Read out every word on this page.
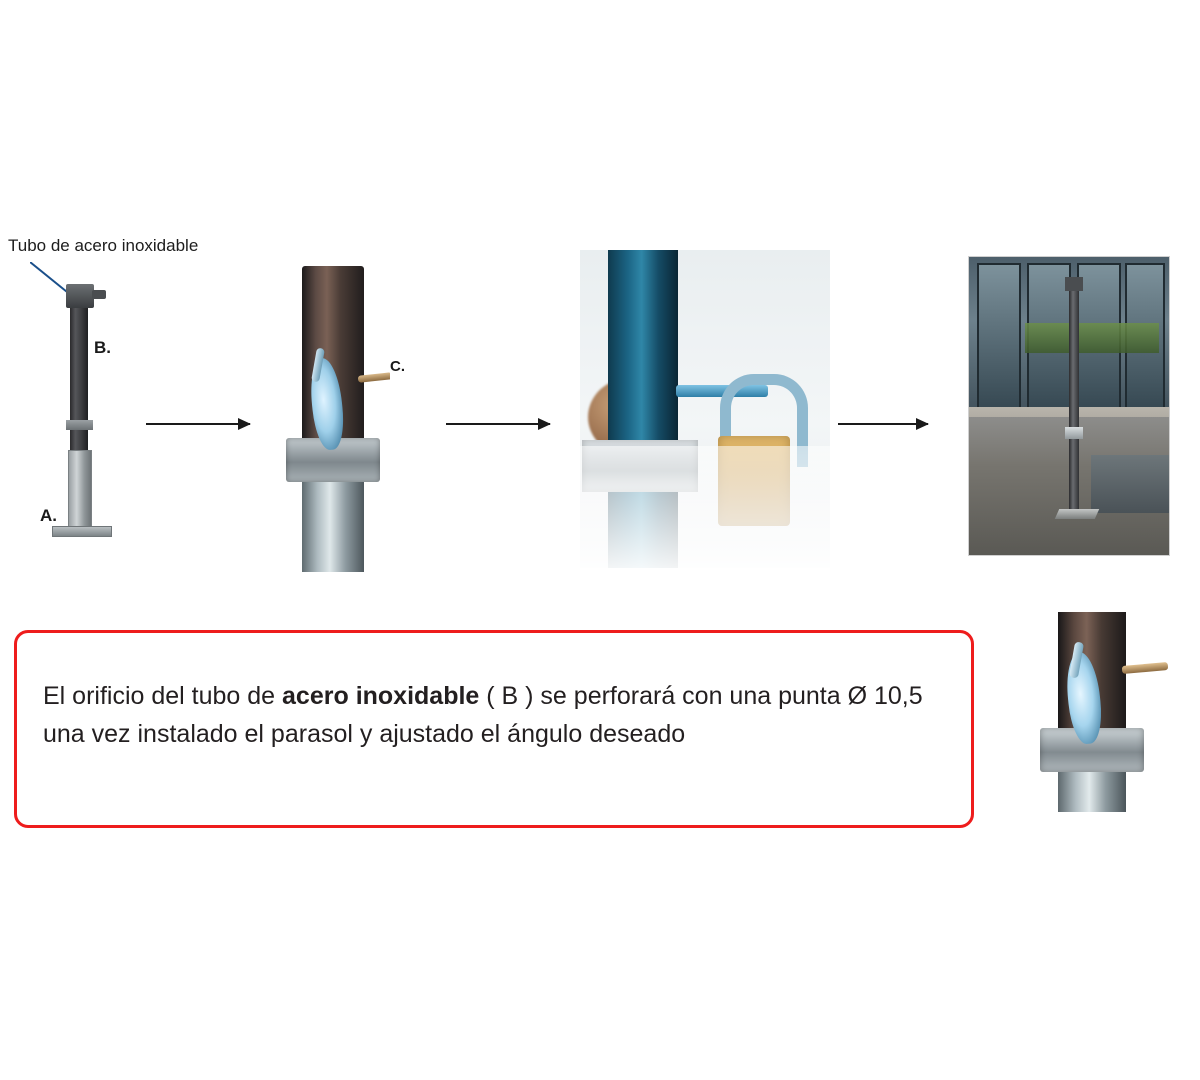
Tubo de acero inoxidable
B.
A.
C.
El orificio del tubo de acero inoxidable ( B ) se perforará con una punta Ø 10,5 una vez instalado el parasol y ajustado el ángulo deseado
